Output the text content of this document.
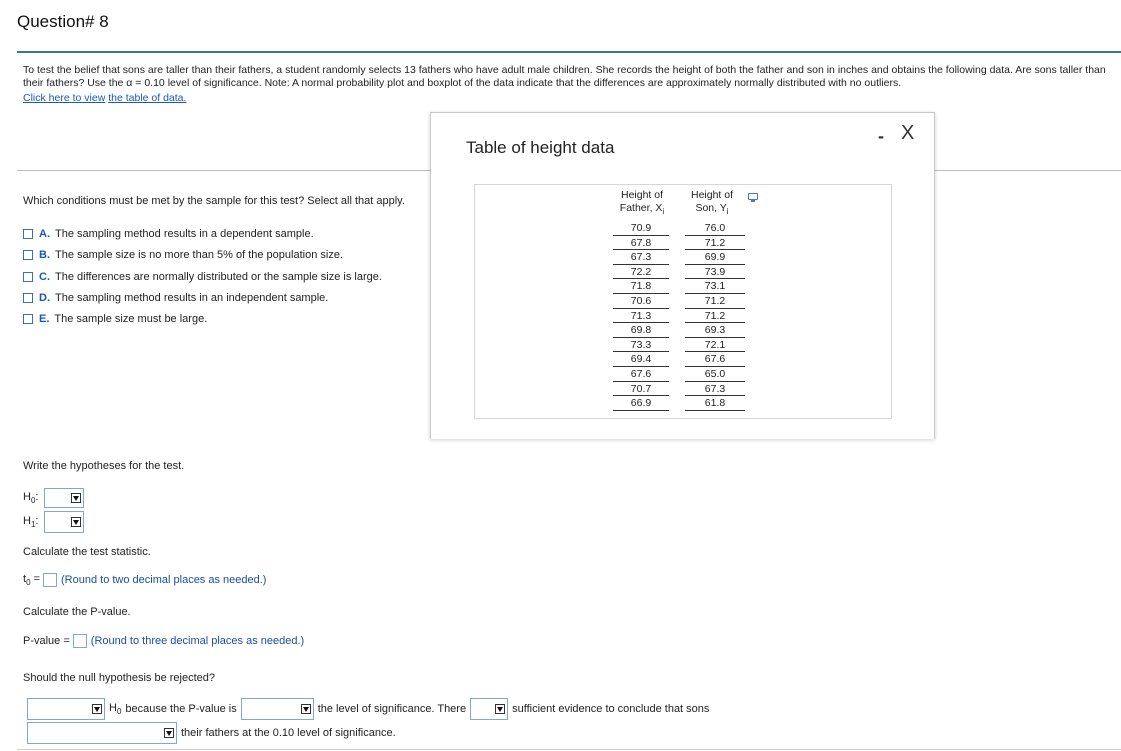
Question# 8
To test the belief that sons are taller than their fathers, a student randomly selects 13 fathers who have adult male children. She records the height of both the father and son in inches and obtains the following data. Are sons taller than their fathers? Use the α = 0.10 level of significance. Note: A normal probability plot and boxplot of the data indicate that the differences are approximately normally distributed with no outliers.
Click here to view the table of data.
Which conditions must be met by the sample for this test? Select all that apply.
A. The sampling method results in a dependent sample.
B. The sample size is no more than 5% of the population size.
C. The differences are normally distributed or the sample size is large.
D. The sampling method results in an independent sample.
E. The sample size must be large.
Table of height data
- X
Height of
Father, $X_i$
Height of
Son, $Y_i$
70.9
67.8
67.3
72.2
71.8
70.6
71.3
69.8
73.3
69.4
67.6
70.7
66.9
76.0
71.2
69.9
73.9
73.1
71.2
71.2
69.3
72.1
67.6
65.0
67.3
61.8
Write the hypotheses for the test.
$H_0$:
$H_1$:
Calculate the test statistic.
$t_0$ = (Round to two decimal places as needed.)
Calculate the P-value.
P-value = (Round to three decimal places as needed.)
Should the null hypothesis be rejected?
$H_0$ because the P-value is	the level of significance. There	sufficient evidence to conclude that sons
their fathers at the 0.10 level of significance.
